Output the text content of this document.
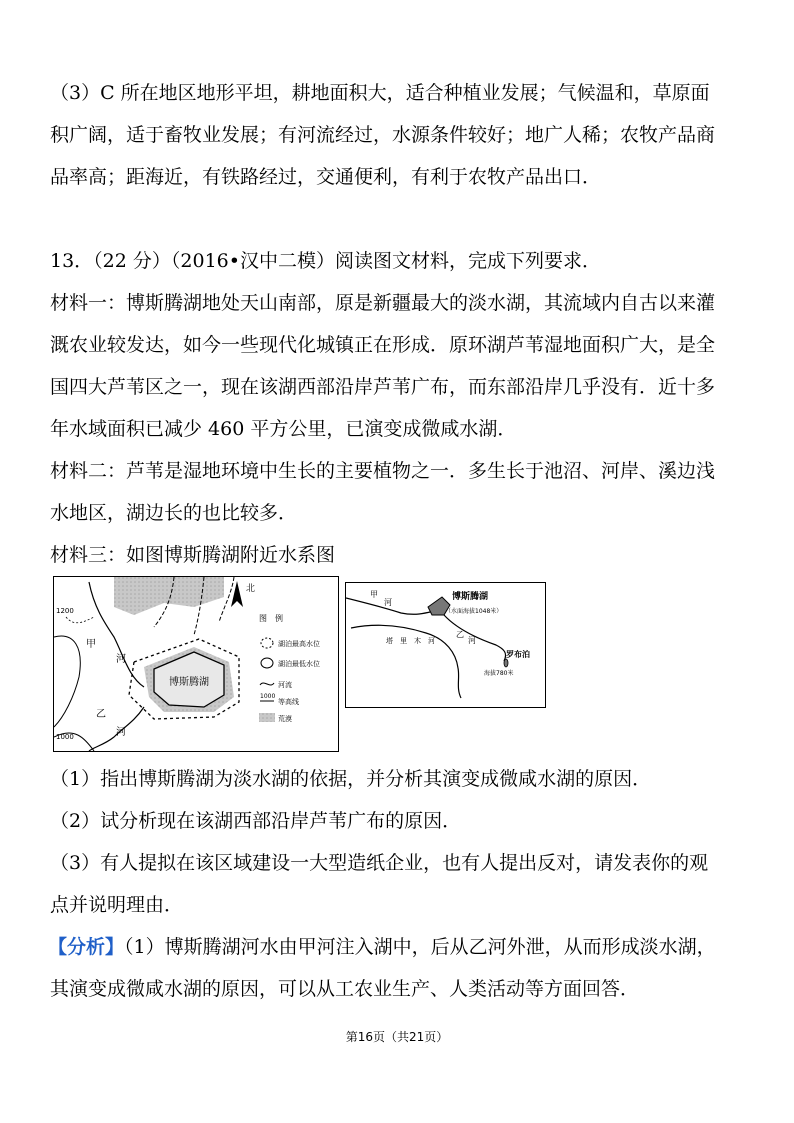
（3）C 所在地区地形平坦，耕地面积大，适合种植业发展；气候温和，草原面
积广阔，适于畜牧业发展；有河流经过，水源条件较好；地广人稀；农牧产品商
品率高；距海近，有铁路经过，交通便利，有利于农牧产品出口．
13．（22 分）（2016•汉中二模）阅读图文材料，完成下列要求．
材料一：博斯腾湖地处天山南部，原是新疆最大的淡水湖，其流域内自古以来灌
溉农业较发达，如今一些现代化城镇正在形成．原环湖芦苇湿地面积广大，是全
国四大芦苇区之一，现在该湖西部沿岸芦苇广布，而东部沿岸几乎没有．近十多
年水域面积已减少 460 平方公里，已演变成微咸水湖．
材料二：芦苇是湿地环境中生长的主要植物之一．多生长于池沼、河岸、溪边浅
水地区，湖边长的也比较多．
材料三：如图博斯腾湖附近水系图
北
博斯腾湖
甲
河
乙
河
1200
1000
图　例
湖泊最高水位
湖泊最低水位
河流
1000
等高线
荒漠
甲
河
博斯腾湖
（水面海拔1048米）
乙
河
塔　里　木　河
罗布泊
海拔780米
（1）指出博斯腾湖为淡水湖的依据，并分析其演变成微咸水湖的原因．
（2）试分析现在该湖西部沿岸芦苇广布的原因．
（3）有人提拟在该区域建设一大型造纸企业，也有人提出反对，请发表你的观
点并说明理由．
【分析】（1）博斯腾湖河水由甲河注入湖中，后从乙河外泄，从而形成淡水湖，
其演变成微咸水湖的原因，可以从工农业生产、人类活动等方面回答．
第16页（共21页）
